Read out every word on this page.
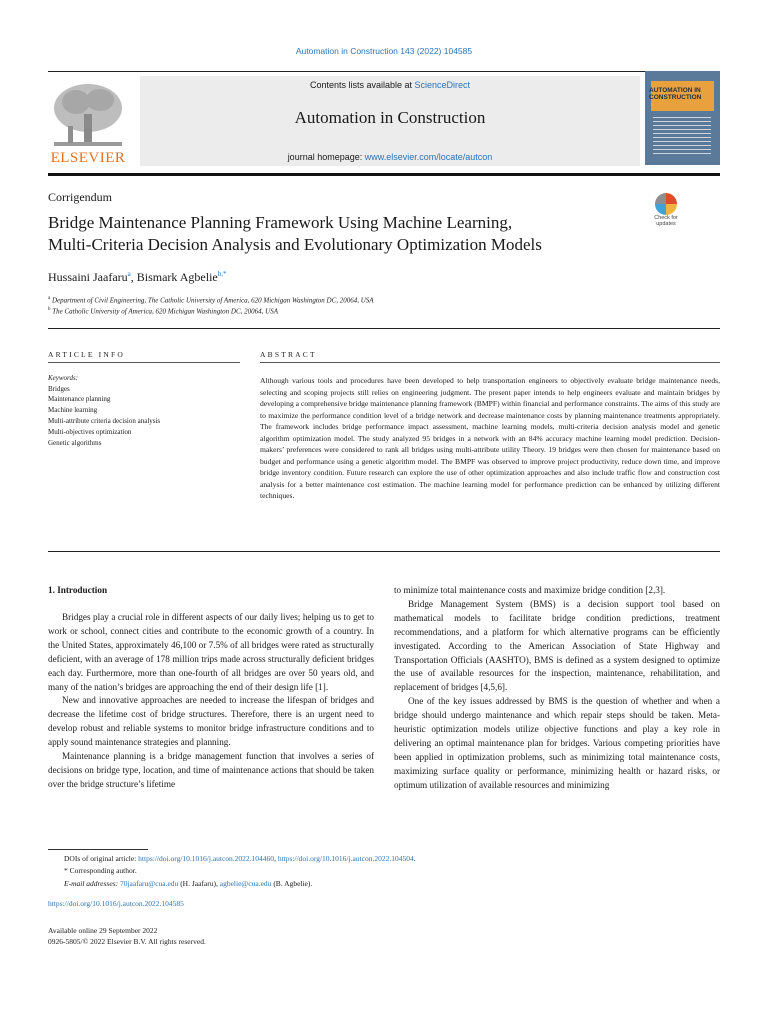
Automation in Construction 143 (2022) 104585
ELSEVIER
Contents lists available at ScienceDirect
Automation in Construction
journal homepage: www.elsevier.com/locate/autcon
AUTOMATION IN CONSTRUCTION
Corrigendum
Bridge Maintenance Planning Framework Using Machine Learning,
Multi-Criteria Decision Analysis and Evolutionary Optimization Models
Check for updates
Hussaini Jaafaru$^a$, Bismark Agbelie$^{b,*}$
$^a$ Department of Civil Engineering, The Catholic University of America, 620 Michigan Washington DC, 20064, USA
$^b$ The Catholic University of America, 620 Michigan Washington DC, 20064, USA
ARTICLE INFO	ABSTRACT
Keywords:
Bridges
Maintenance planning
Machine learning
Multi-attribute criteria decision analysis
Multi-objectives optimization
Genetic algorithms
Although various tools and procedures have been developed to help transportation engineers to objectively evaluate bridge maintenance needs, selecting and scoping projects still relies on engineering judgment. The present paper intends to help engineers evaluate and maintain bridges by developing a comprehensive bridge maintenance planning framework (BMPF) within financial and performance constraints. The aims of this study are to maximize the performance condition level of a bridge network and decrease maintenance costs by planning maintenance treatments appropriately. The framework includes bridge performance impact assessment, machine learning models, multi-criteria decision analysis model and genetic algorithm optimization model. The study analyzed 95 bridges in a network with an 84% accuracy machine learning model prediction. Decision-makers’ preferences were considered to rank all bridges using multi-attribute utility Theory. 19 bridges were then chosen for maintenance based on budget and performance using a genetic algorithm model. The BMPF was observed to improve project productivity, reduce down time, and improve bridge inventory condition. Future research can explore the use of other optimization approaches and also include traffic flow and construction cost analysis for a better maintenance cost estimation. The machine learning model for performance prediction can be enhanced by utilizing different techniques.
1. Introduction

Bridges play a crucial role in different aspects of our daily lives; helping us to get to work or school, connect cities and contribute to the economic growth of a country. In the United States, approximately 46,100 or 7.5% of all bridges were rated as structurally deficient, with an average of 178 million trips made across structurally deficient bridges each day. Furthermore, more than one-fourth of all bridges are over 50 years old, and many of the nation’s bridges are approaching the end of their design life [1].

New and innovative approaches are needed to increase the lifespan of bridges and decrease the lifetime cost of bridge structures. Therefore, there is an urgent need to develop robust and reliable systems to monitor bridge infrastructure conditions and to apply sound maintenance strategies and planning.

Maintenance planning is a bridge management function that involves a series of decisions on bridge type, location, and time of maintenance actions that should be taken over the bridge structure’s lifetime

to minimize total maintenance costs and maximize bridge condition [2,3].

Bridge Management System (BMS) is a decision support tool based on mathematical models to facilitate bridge condition predictions, treatment recommendations, and a platform for which alternative programs can be efficiently investigated. According to the American Association of State Highway and Transportation Officials (AASHTO), BMS is defined as a system designed to optimize the use of available resources for the inspection, maintenance, rehabilitation, and replacement of bridges [4,5,6].

One of the key issues addressed by BMS is the question of whether and when a bridge should undergo maintenance and which repair steps should be taken. Meta-heuristic optimization models utilize objective functions and play a key role in delivering an optimal maintenance plan for bridges. Various competing priorities have been applied in optimization problems, such as minimizing total maintenance costs, maximizing surface quality or performance, minimizing health or hazard risks, or optimum utilization of available resources and minimizing

DOIs of original article: https://doi.org/10.1016/j.autcon.2022.104460, https://doi.org/10.1016/j.autcon.2022.104504.
* Corresponding author.
E-mail addresses: 70jaafaru@cua.edu (H. Jaafaru), agbelie@cua.edu (B. Agbelie).
https://doi.org/10.1016/j.autcon.2022.104585
Available online 29 September 2022
0926-5805/© 2022 Elsevier B.V. All rights reserved.
